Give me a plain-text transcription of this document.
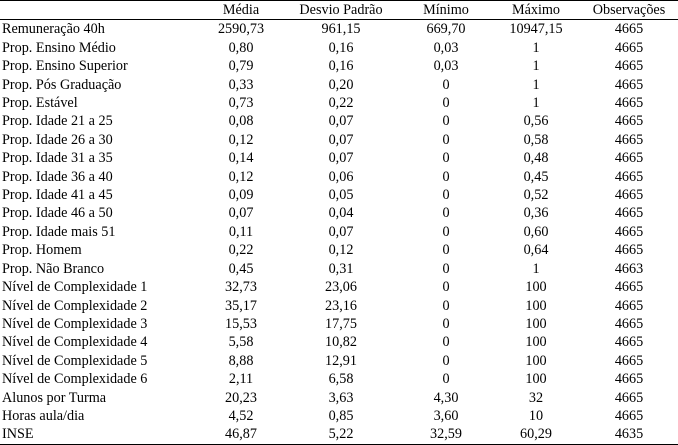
	Média	Desvio Padrão	Mínimo	Máximo	Observações
Remuneração 40h	2590,73	961,15	669,70	10947,15	4665
Prop. Ensino Médio	0,80	0,16	0,03	1	4665
Prop. Ensino Superior	0,79	0,16	0,03	1	4665
Prop. Pós Graduação	0,33	0,20	0	1	4665
Prop. Estável	0,73	0,22	0	1	4665
Prop. Idade 21 a 25	0,08	0,07	0	0,56	4665
Prop. Idade 26 a 30	0,12	0,07	0	0,58	4665
Prop. Idade 31 a 35	0,14	0,07	0	0,48	4665
Prop. Idade 36 a 40	0,12	0,06	0	0,45	4665
Prop. Idade 41 a 45	0,09	0,05	0	0,52	4665
Prop. Idade 46 a 50	0,07	0,04	0	0,36	4665
Prop. Idade mais 51	0,11	0,07	0	0,60	4665
Prop. Homem	0,22	0,12	0	0,64	4665
Prop. Não Branco	0,45	0,31	0	1	4663
Nível de Complexidade 1	32,73	23,06	0	100	4665
Nível de Complexidade 2	35,17	23,16	0	100	4665
Nível de Complexidade 3	15,53	17,75	0	100	4665
Nível de Complexidade 4	5,58	10,82	0	100	4665
Nível de Complexidade 5	8,88	12,91	0	100	4665
Nível de Complexidade 6	2,11	6,58	0	100	4665
Alunos por Turma	20,23	3,63	4,30	32	4665
Horas aula/dia	4,52	0,85	3,60	10	4665
INSE	46,87	5,22	32,59	60,29	4635
